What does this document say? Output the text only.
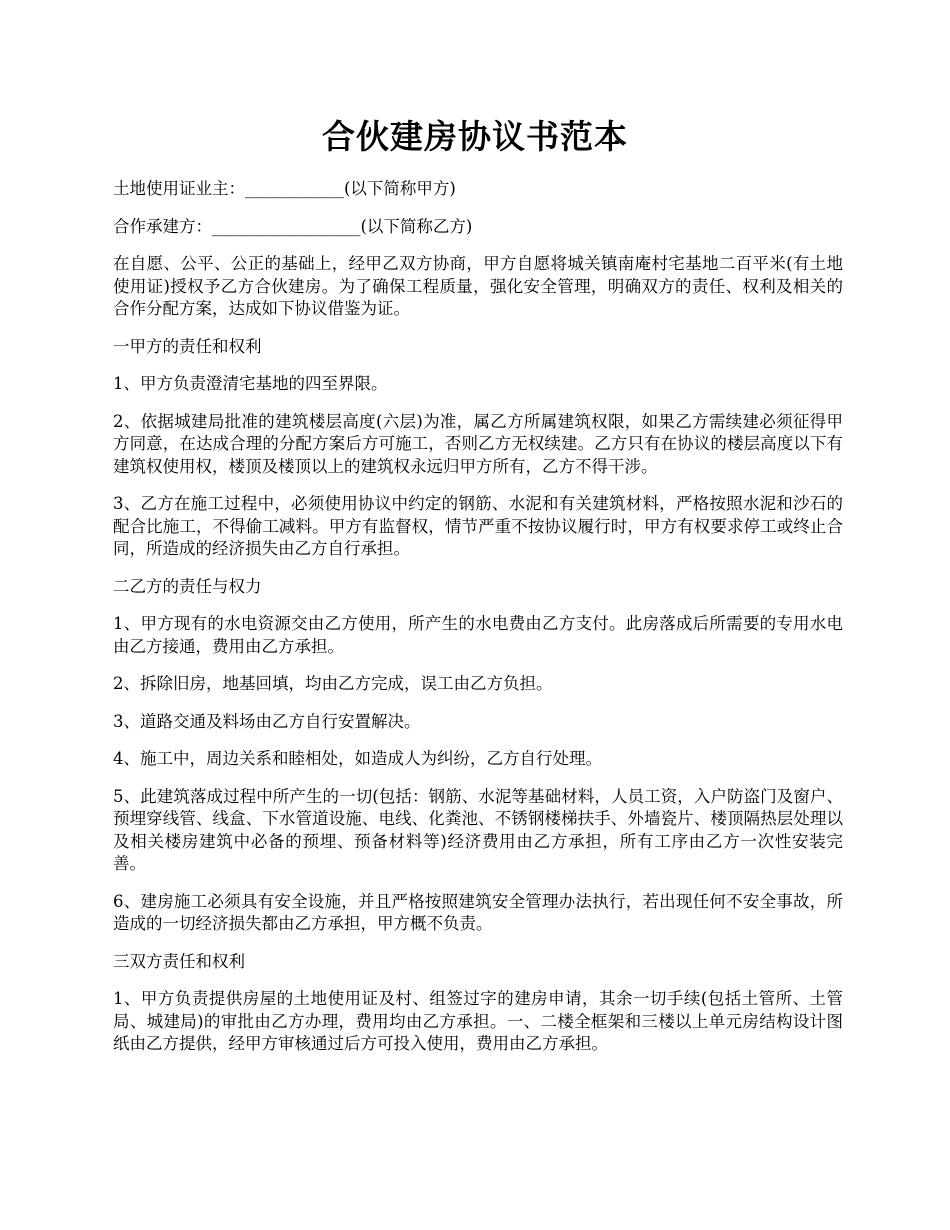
合伙建房协议书范本

土地使用证业主：____________(以下简称甲方)

合作承建方：__________________(以下简称乙方)

在自愿、公平、公正的基础上，经甲乙双方协商，甲方自愿将城关镇南庵村宅基地二百平米(有土地使用证)授权予乙方合伙建房。为了确保工程质量，强化安全管理，明确双方的责任、权利及相关的合作分配方案，达成如下协议借鉴为证。

一甲方的责任和权利

1、甲方负责澄清宅基地的四至界限。

2、依据城建局批准的建筑楼层高度(六层)为准，属乙方所属建筑权限，如果乙方需续建必须征得甲方同意，在达成合理的分配方案后方可施工，否则乙方无权续建。乙方只有在协议的楼层高度以下有建筑权使用权，楼顶及楼顶以上的建筑权永远归甲方所有，乙方不得干涉。

3、乙方在施工过程中，必须使用协议中约定的钢筋、水泥和有关建筑材料，严格按照水泥和沙石的配合比施工，不得偷工减料。甲方有监督权，情节严重不按协议履行时，甲方有权要求停工或终止合同，所造成的经济损失由乙方自行承担。

二乙方的责任与权力

1、甲方现有的水电资源交由乙方使用，所产生的水电费由乙方支付。此房落成后所需要的专用水电由乙方接通，费用由乙方承担。

2、拆除旧房，地基回填，均由乙方完成，误工由乙方负担。

3、道路交通及料场由乙方自行安置解决。

4、施工中，周边关系和睦相处，如造成人为纠纷，乙方自行处理。

5、此建筑落成过程中所产生的一切(包括：钢筋、水泥等基础材料，人员工资，入户防盗门及窗户、预埋穿线管、线盒、下水管道设施、电线、化粪池、不锈钢楼梯扶手、外墙瓷片、楼顶隔热层处理以及相关楼房建筑中必备的预埋、预备材料等)经济费用由乙方承担，所有工序由乙方一次性安装完善。

6、建房施工必须具有安全设施，并且严格按照建筑安全管理办法执行，若出现任何不安全事故，所造成的一切经济损失都由乙方承担，甲方概不负责。

三双方责任和权利

1、甲方负责提供房屋的土地使用证及村、组签过字的建房申请，其余一切手续(包括土管所、土管局、城建局)的审批由乙方办理，费用均由乙方承担。一、二楼全框架和三楼以上单元房结构设计图纸由乙方提供，经甲方审核通过后方可投入使用，费用由乙方承担。
